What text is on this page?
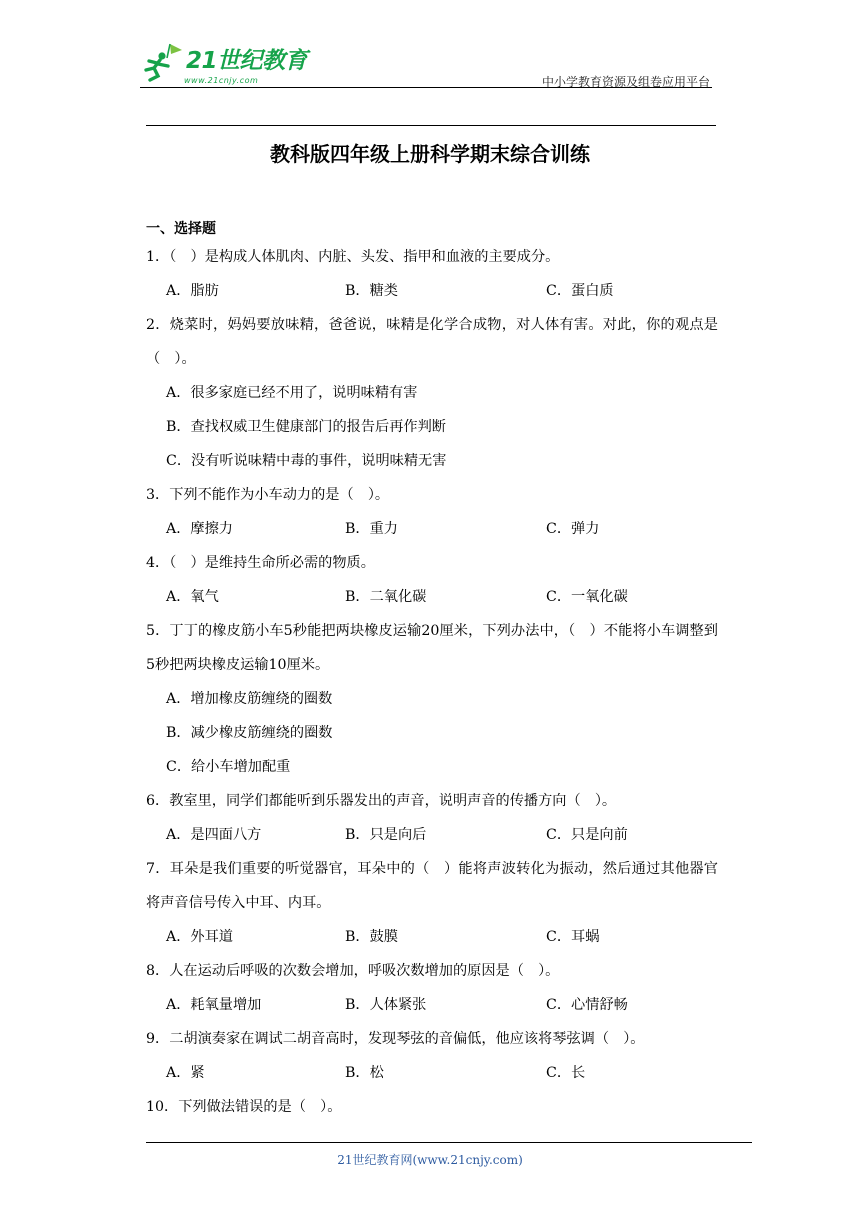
21世纪教育
www.21cnjy.com	中小学教育资源及组卷应用平台
教科版四年级上册科学期末综合训练
一、选择题
1．（　）是构成人体肌肉、内脏、头发、指甲和血液的主要成分。
A．脂肪	B．糖类	C．蛋白质
2．烧菜时，妈妈要放味精，爸爸说，味精是化学合成物，对人体有害。对此，你的观点是（　）。
A．很多家庭已经不用了，说明味精有害
B．查找权威卫生健康部门的报告后再作判断
C．没有听说味精中毒的事件，说明味精无害
3．下列不能作为小车动力的是（　）。
A．摩擦力	B．重力	C．弹力
4．（　）是维持生命所必需的物质。
A．氧气	B．二氧化碳	C．一氧化碳
5．丁丁的橡皮筋小车5秒能把两块橡皮运输20厘米，下列办法中，（　）不能将小车调整到5秒把两块橡皮运输10厘米。
A．增加橡皮筋缠绕的圈数
B．减少橡皮筋缠绕的圈数
C．给小车增加配重
6．教室里，同学们都能听到乐器发出的声音，说明声音的传播方向（　）。
A．是四面八方	B．只是向后	C．只是向前
7．耳朵是我们重要的听觉器官，耳朵中的（　）能将声波转化为振动，然后通过其他器官将声音信号传入中耳、内耳。
A．外耳道	B．鼓膜	C．耳蜗
8．人在运动后呼吸的次数会增加，呼吸次数增加的原因是（　）。
A．耗氧量增加	B．人体紧张	C．心情舒畅
9．二胡演奏家在调试二胡音高时，发现琴弦的音偏低，他应该将琴弦调（　）。
A．紧	B．松	C．长
10．下列做法错误的是（　）。
21世纪教育网(www.21cnjy.com)
